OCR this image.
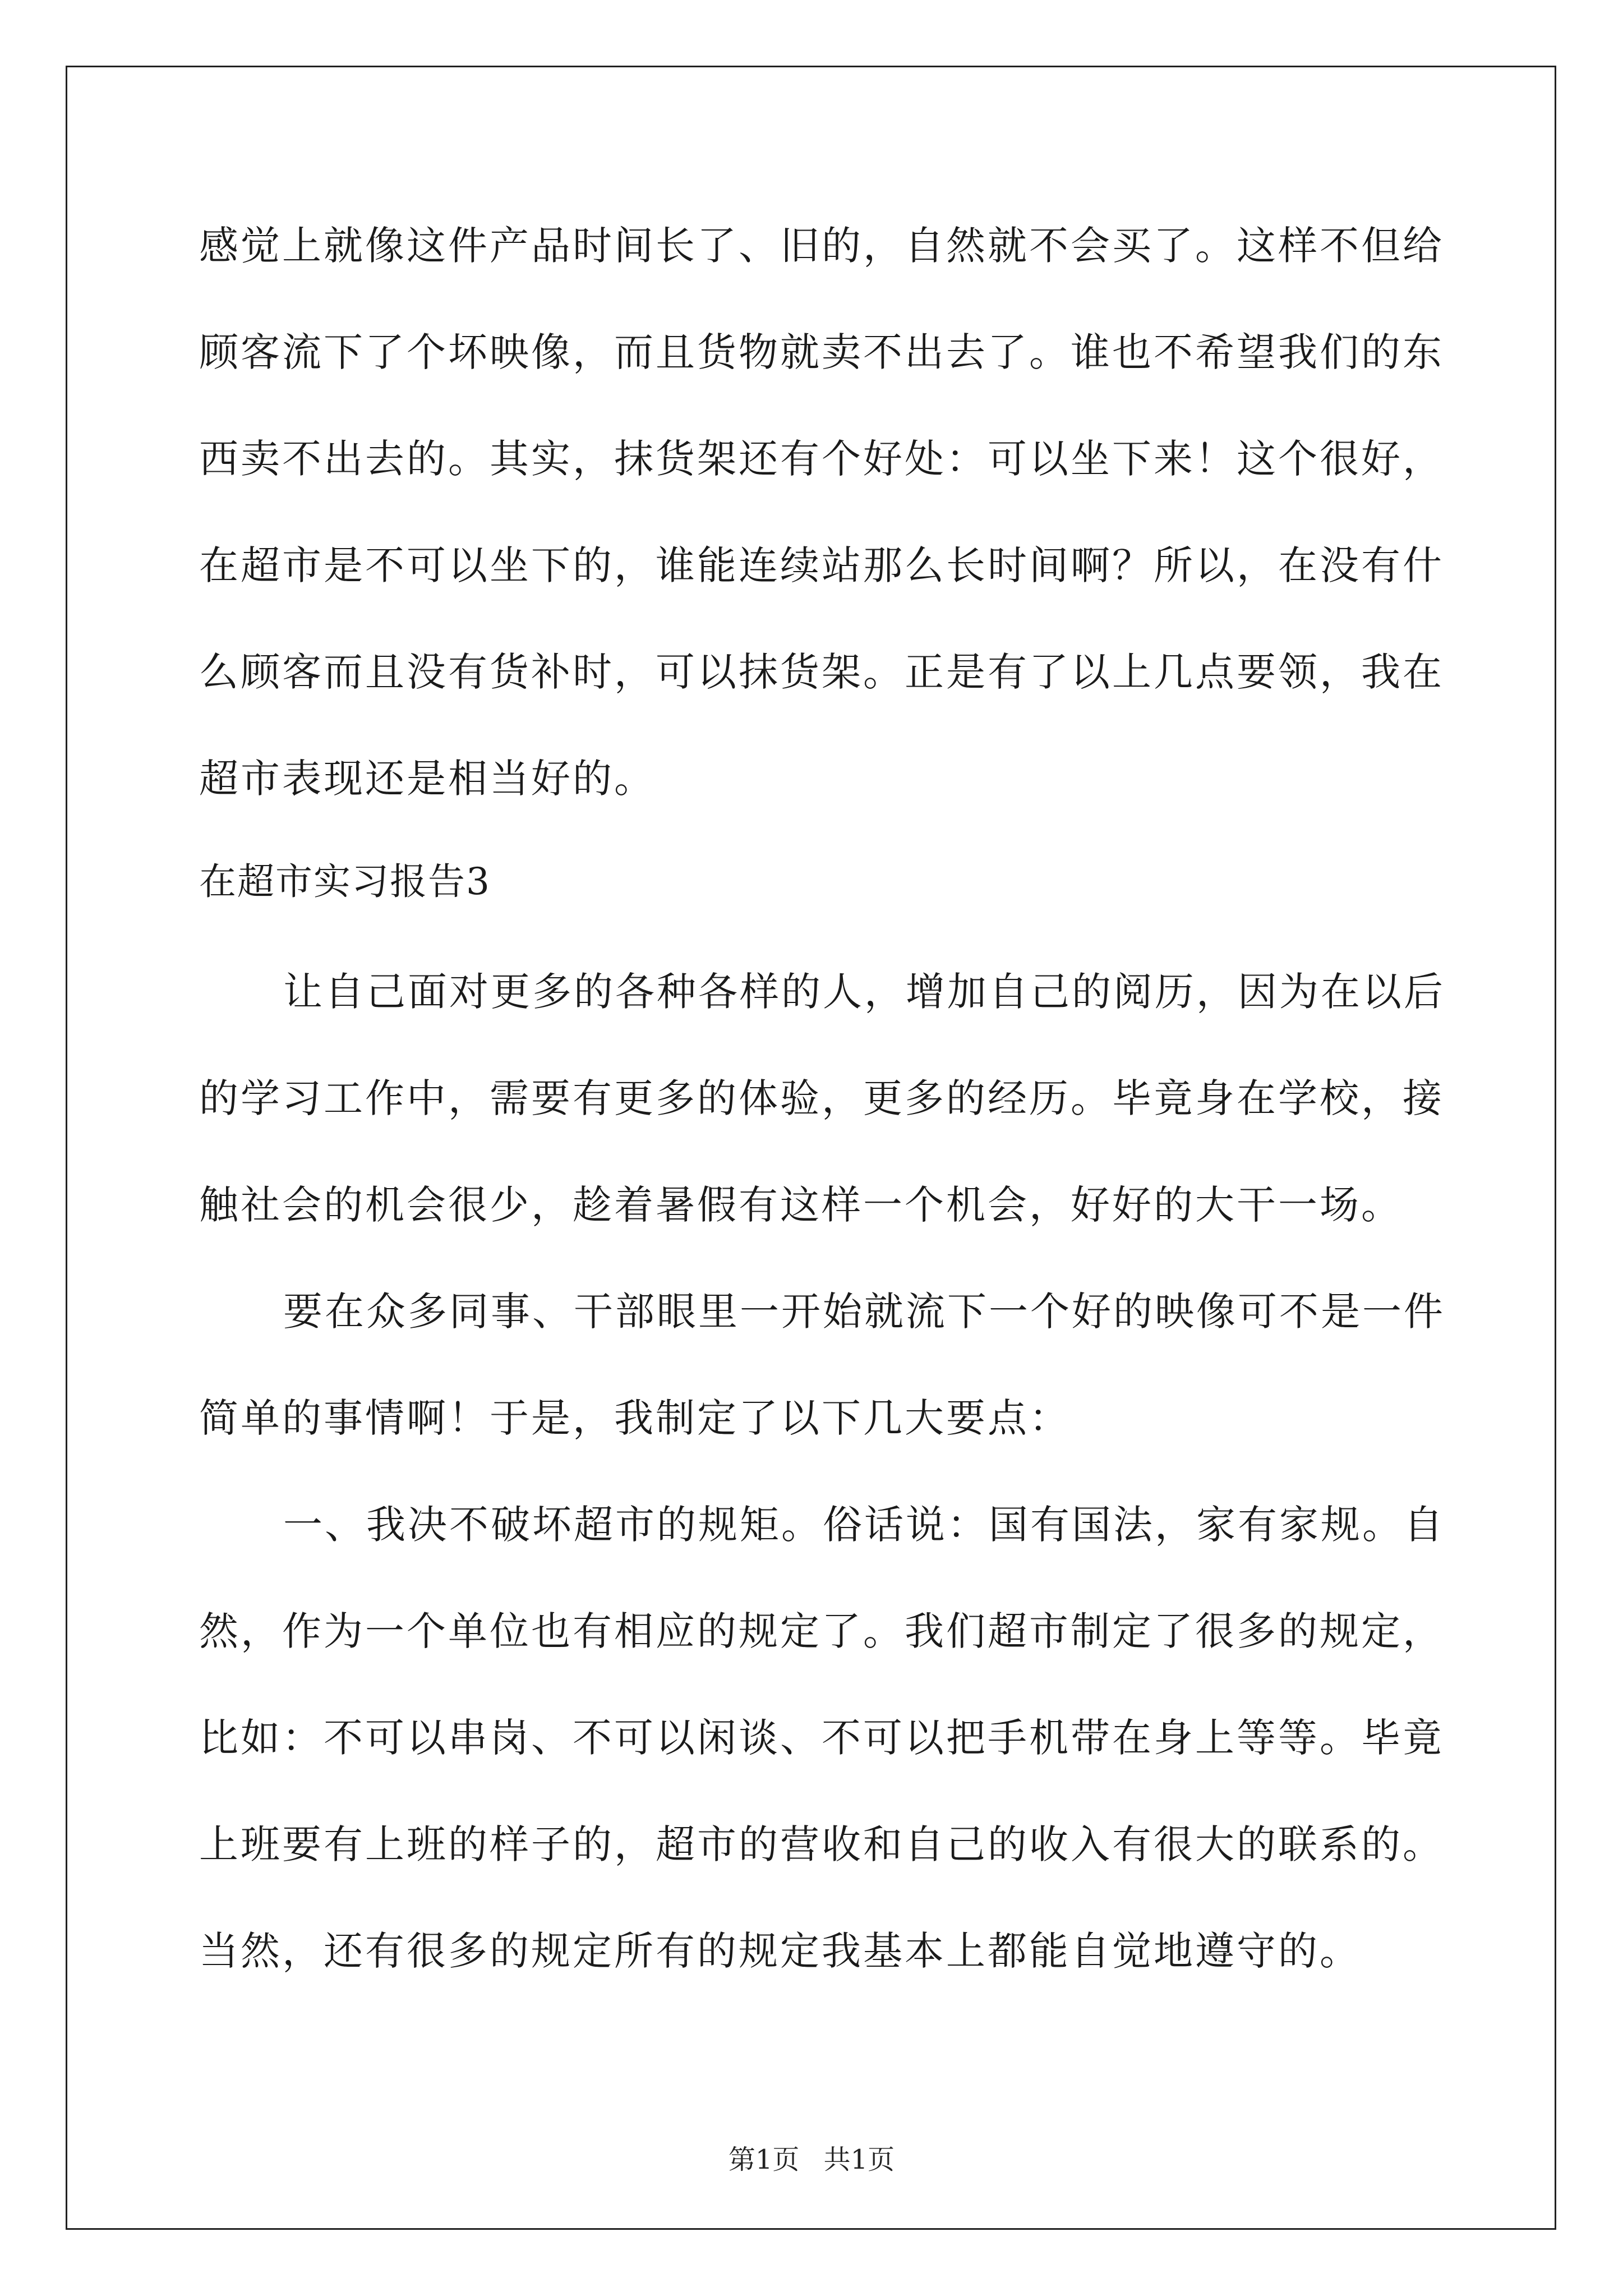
感觉上就像这件产品时间长了、旧的，自然就不会买了。这样不但给
顾客流下了个坏映像，而且货物就卖不出去了。谁也不希望我们的东
西卖不出去的。其实，抹货架还有个好处：可以坐下来！这个很好，
在超市是不可以坐下的，谁能连续站那么长时间啊？所以，在没有什
么顾客而且没有货补时，可以抹货架。正是有了以上几点要领，我在
超市表现还是相当好的。
在超市实习报告3
让自己面对更多的各种各样的人，增加自己的阅历，因为在以后
的学习工作中，需要有更多的体验，更多的经历。毕竟身在学校，接
触社会的机会很少，趁着暑假有这样一个机会，好好的大干一场。
要在众多同事、干部眼里一开始就流下一个好的映像可不是一件
简单的事情啊！于是，我制定了以下几大要点：
一、我决不破坏超市的规矩。俗话说：国有国法，家有家规。自
然，作为一个单位也有相应的规定了。我们超市制定了很多的规定，
比如：不可以串岗、不可以闲谈、不可以把手机带在身上等等。毕竟
上班要有上班的样子的，超市的营收和自己的收入有很大的联系的。
当然，还有很多的规定所有的规定我基本上都能自觉地遵守的。
第1页 共1页
